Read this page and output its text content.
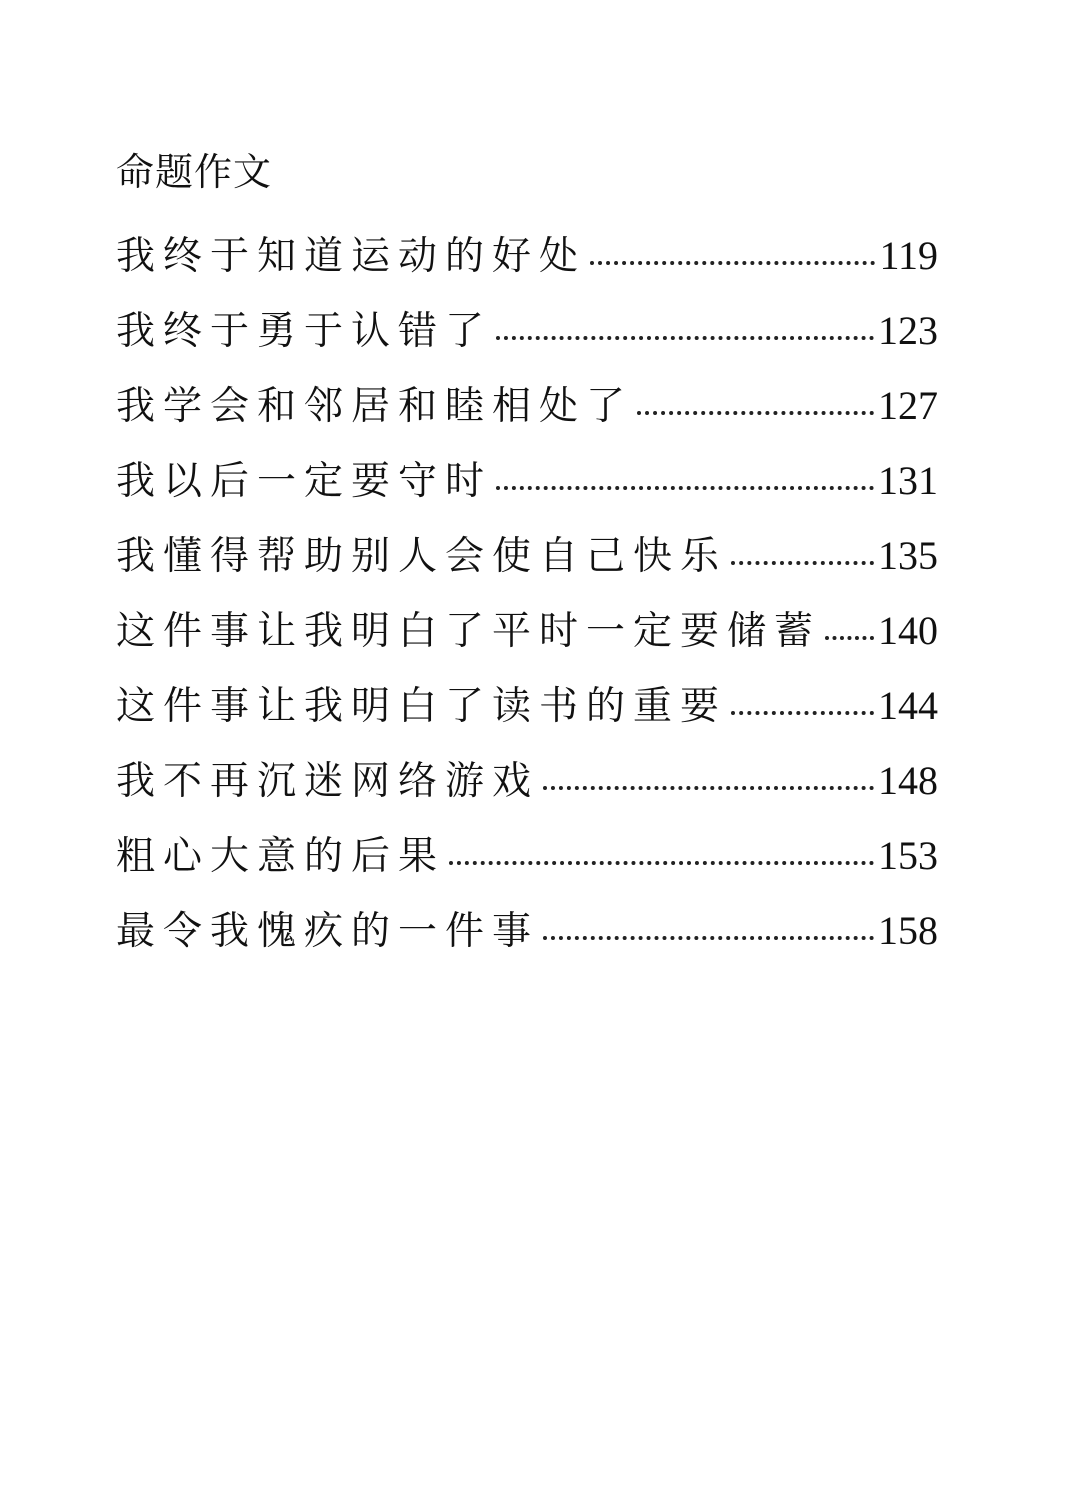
命题作文
我终于知道运动的好处	119
我终于勇于认错了	123
我学会和邻居和睦相处了	127
我以后一定要守时	131
我懂得帮助别人会使自己快乐	135
这件事让我明白了平时一定要储蓄 140
这件事让我明白了读书的重要	144
我不再沉迷网络游戏	148
粗心大意的后果	153
最令我愧疚的一件事	158
